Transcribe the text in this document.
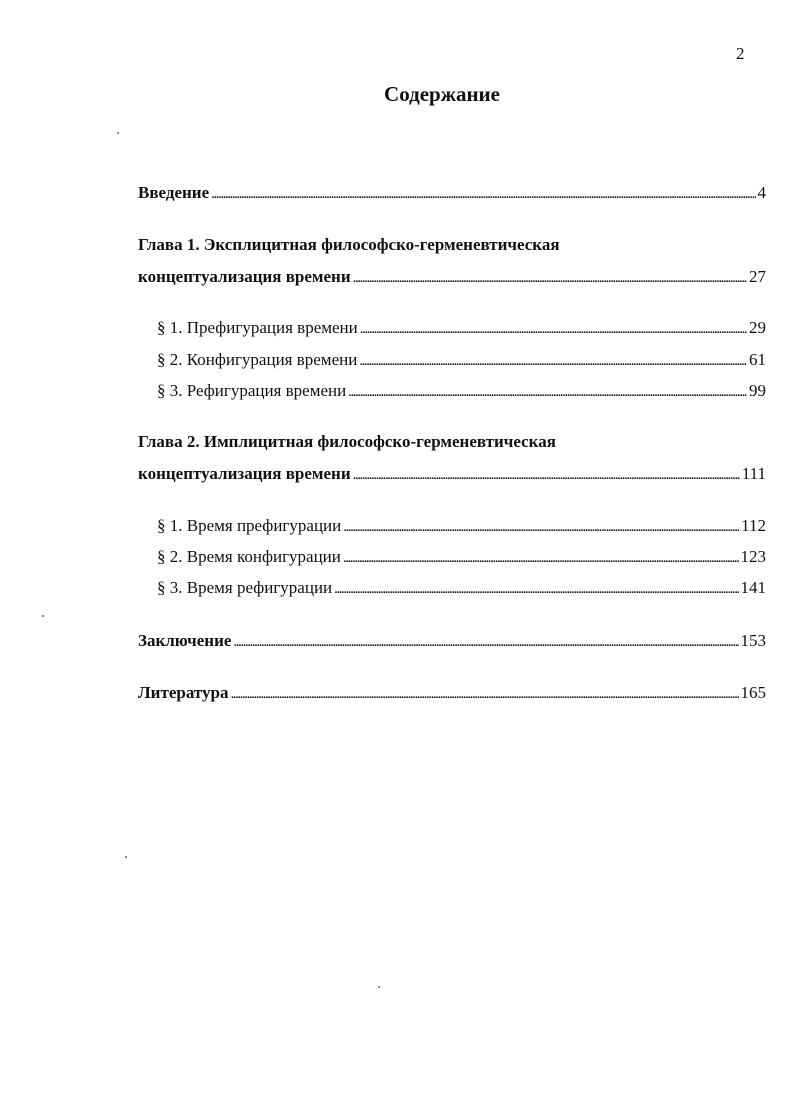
2
Содержание
Введение . . .	4
Глава 1. Эксплицитная философско-герменевтическая
концептуализация времени . . .	27
§ 1. Префигурация времени . . .	29
§ 2. Конфигурация времени . . .	61
§ 3. Рефигурация времени . . .	99
Глава 2. Имплицитная философско-герменевтическая
концептуализация времени . . .	111
§ 1. Время префигурации . . .	112
§ 2. Время конфигурации . . .	123
§ 3. Время рефигурации . . .	141
Заключение . . .	153
Литература . . .	165
